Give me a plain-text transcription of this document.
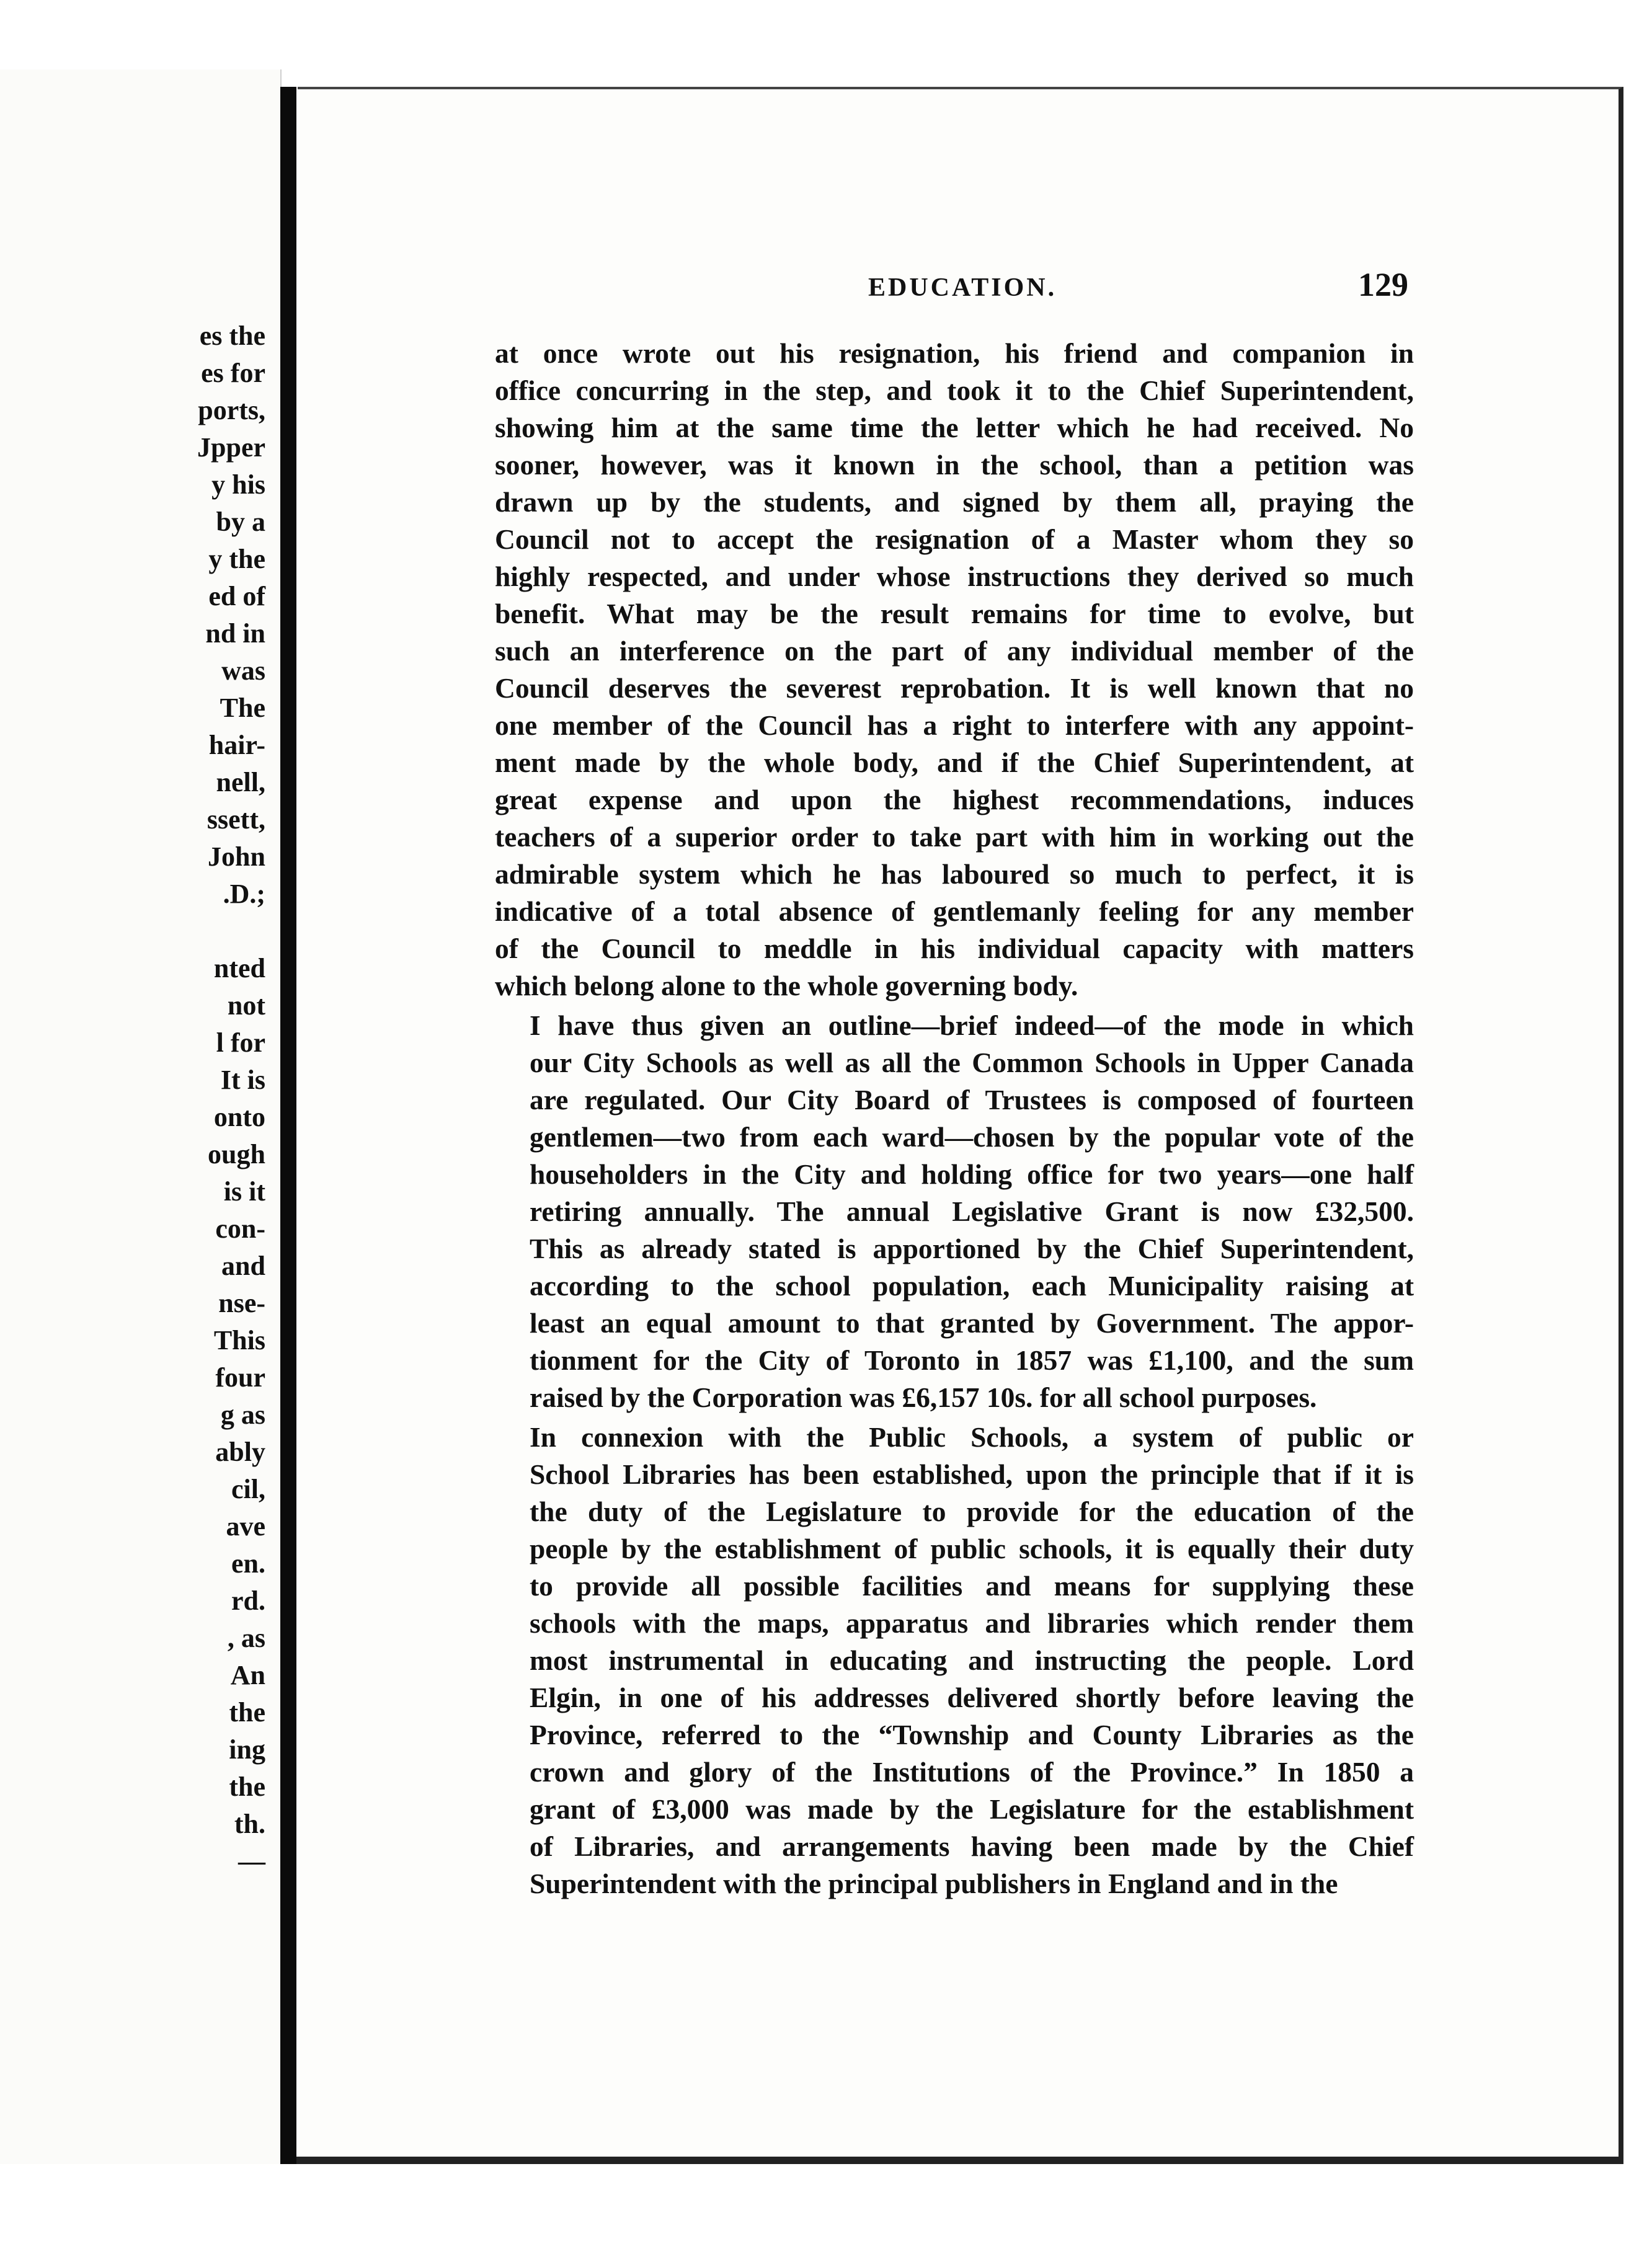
es the
es for
ports,
Jpper
y his
by a
y the
ed of
nd in
was
The
hair-
nell,
ssett,
John
.D.;
nted
not
l for
It is
onto
ough
is it
con-
and
nse-
This
four
g as
ably
cil,
ave
en.
rd.
, as
An
the
ing
the
th.
—
EDUCATION.	129

at once wrote out his resignation, his friend and companion in
office concurring in the step, and took it to the Chief Superintendent,
showing him at the same time the letter which he had received. No
sooner, however, was it known in the school, than a petition was
drawn up by the students, and signed by them all, praying the
Council not to accept the resignation of a Master whom they so
highly respected, and under whose instructions they derived so much
benefit. What may be the result remains for time to evolve, but
such an interference on the part of any individual member of the
Council deserves the severest reprobation. It is well known that no
one member of the Council has a right to interfere with any appoint-
ment made by the whole body, and if the Chief Superintendent, at
great expense and upon the highest recommendations, induces
teachers of a superior order to take part with him in working out the
admirable system which he has laboured so much to perfect, it is
indicative of a total absence of gentlemanly feeling for any member
of the Council to meddle in his individual capacity with matters
which belong alone to the whole governing body.

I have thus given an outline—brief indeed—of the mode in which
our City Schools as well as all the Common Schools in Upper Canada
are regulated. Our City Board of Trustees is composed of fourteen
gentlemen—two from each ward—chosen by the popular vote of the
householders in the City and holding office for two years—one half
retiring annually. The annual Legislative Grant is now £32,500.
This as already stated is apportioned by the Chief Superintendent,
according to the school population, each Municipality raising at
least an equal amount to that granted by Government. The appor-
tionment for the City of Toronto in 1857 was £1,100, and the sum
raised by the Corporation was £6,157 10s. for all school purposes.

In connexion with the Public Schools, a system of public or
School Libraries has been established, upon the principle that if it is
the duty of the Legislature to provide for the education of the
people by the establishment of public schools, it is equally their duty
to provide all possible facilities and means for supplying these
schools with the maps, apparatus and libraries which render them
most instrumental in educating and instructing the people. Lord
Elgin, in one of his addresses delivered shortly before leaving the
Province, referred to the “Township and County Libraries as the
crown and glory of the Institutions of the Province.” In 1850 a
grant of £3,000 was made by the Legislature for the establishment
of Libraries, and arrangements having been made by the Chief
Superintendent with the principal publishers in England and in the
